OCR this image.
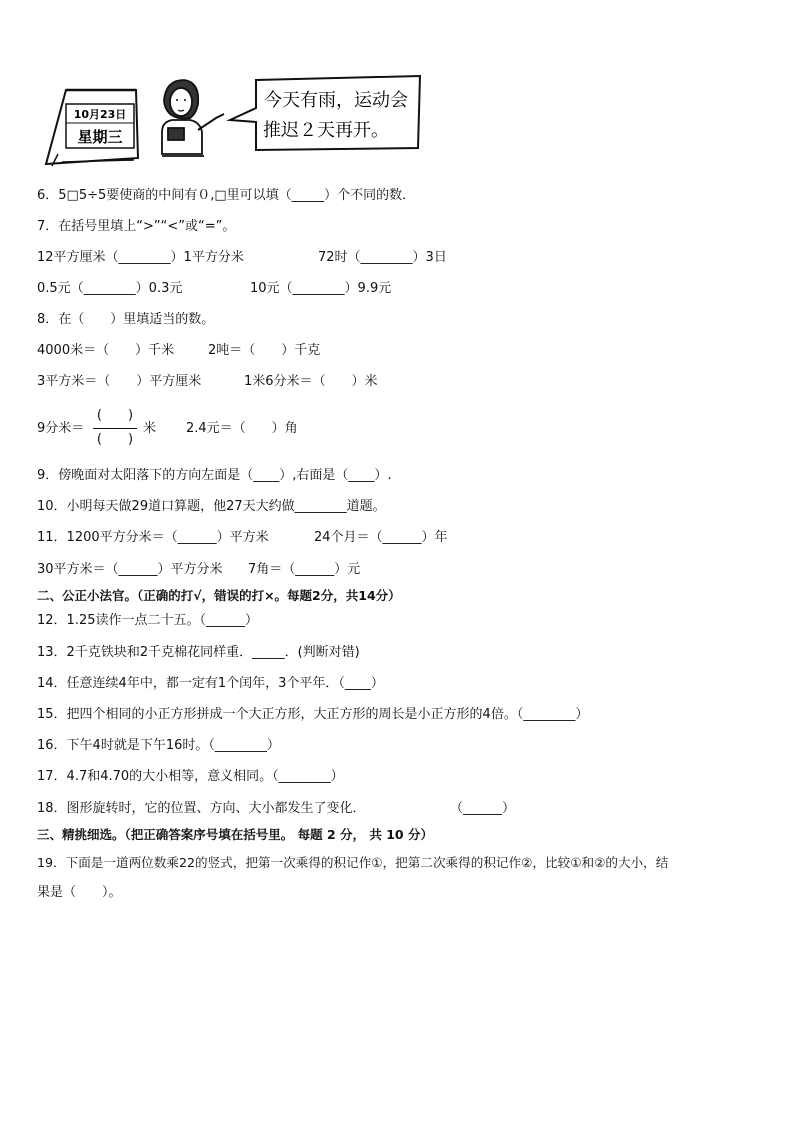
10月23日
星期三
今天有雨，运动会
推迟２天再开。
6．5□5÷5要使商的中间有０,□里可以填（_____）个不同的数．
7．在括号里填上“>”“<”或“=”。
12平方厘米（________）1平方分米	72时（________）3日
0.5元（________）0.3元	10元（________）9.9元
8．在（　　）里填适当的数。
4000米＝（　　）千米	2吨＝（　　）千克
3平方米＝（　　）平方厘米	1米6分米＝（　　）米
9分米＝
(　　)
(　　)
米 2.4元＝（　　）角
9．傍晚面对太阳落下的方向左面是（____）,右面是（____）.
10．小明每天做29道口算题，他27天大约做________道题。
11．1200平方分米＝（______）平方米	24个月＝（______）年
30平方米＝（______）平方分米 7角＝（______）元
二、公正小法官。（正确的打√，错误的打×。每题2分，共14分）
12．1.25读作一点二十五。（______）
13．2千克铁块和2千克棉花同样重．_____．(判断对错)
14．任意连续4年中，都一定有1个闰年，3个平年．（____）
15．把四个相同的小正方形拼成一个大正方形，大正方形的周长是小正方形的4倍。（________）
16．下午4时就是下午16时。（________）
17．4.7和4.70的大小相等，意义相同。（________）
18．图形旋转时，它的位置、方向、大小都发生了变化．	（______）
三、精挑细选。（把正确答案序号填在括号里。 每题 2 分， 共 10 分）
19．下面是一道两位数乘22的竖式，把第一次乘得的积记作①，把第二次乘得的积记作②，比较①和②的大小，结
果是（　　）。
